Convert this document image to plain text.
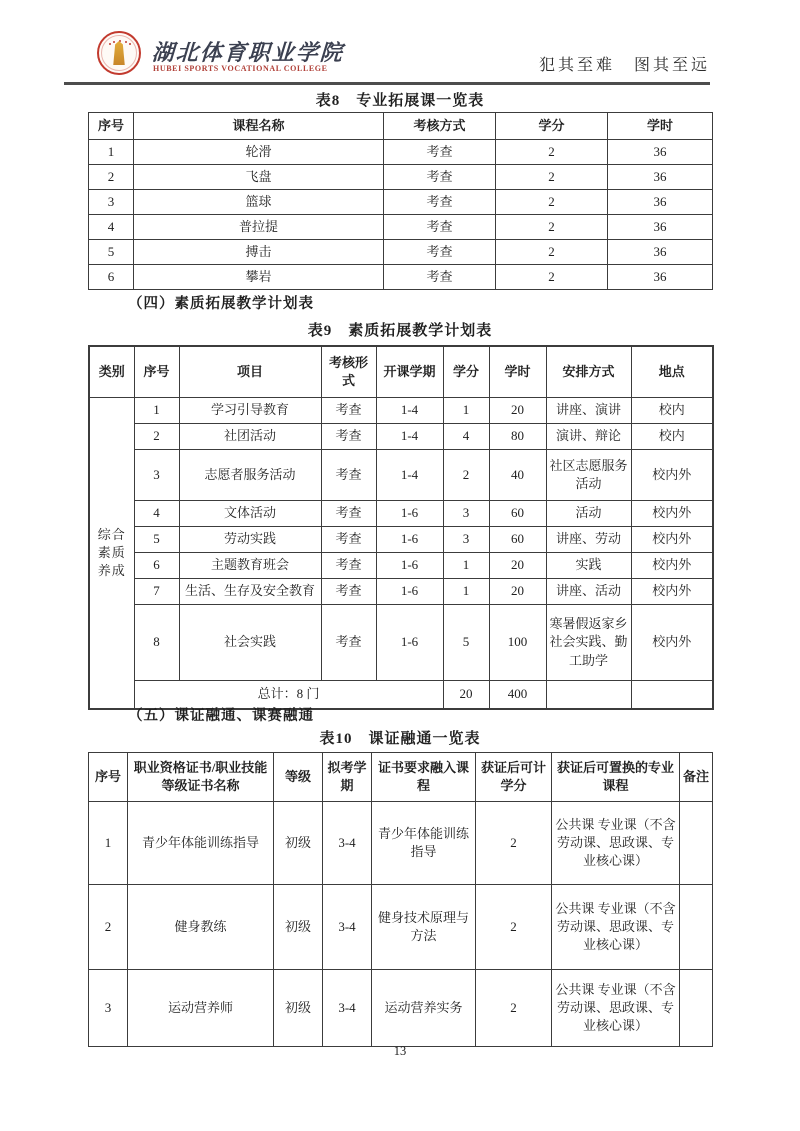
湖北体育职业学院
HUBEI SPORTS VOCATIONAL COLLEGE	犯其至难　图其至远
表8　专业拓展课一览表
序号	课程名称	考核方式	学分	学时
1	轮滑	考查	2	36
2	飞盘	考查	2	36
3	篮球	考查	2	36
4	普拉提	考查	2	36
5	搏击	考查	2	36
6	攀岩	考查	2	36
（四）素质拓展教学计划表
表9　素质拓展教学计划表
类别	序号	项目	考核形式	开课学期	学分	学时	安排方式	地点
综合素质养成	1	学习引导教育	考查	1-4	1	20	讲座、演讲	校内
	2	社团活动	考查	1-4	4	80	演讲、辩论	校内
	3	志愿者服务活动	考查	1-4	2	40	社区志愿服务活动	校内外
	4	文体活动	考查	1-6	3	60	活动	校内外
	5	劳动实践	考查	1-6	3	60	讲座、劳动	校内外
	6	主题教育班会	考查	1-6	1	20	实践	校内外
	7	生活、生存及安全教育	考查	1-6	1	20	讲座、活动	校内外
	8	社会实践	考查	1-6	5	100	寒暑假返家乡社会实践、勤工助学	校内外
	总计：8 门				20	400		
（五）课证融通、课赛融通
表10　课证融通一览表
序号	职业资格证书/职业技能等级证书名称	等级	拟考学期	证书要求融入课程	获证后可计学分	获证后可置换的专业课程	备注
1	青少年体能训练指导	初级	3-4	青少年体能训练指导	2	公共课 专业课（不含劳动课、思政课、专业核心课）	
2	健身教练	初级	3-4	健身技术原理与方法	2	公共课 专业课（不含劳动课、思政课、专业核心课）	
3	运动营养师	初级	3-4	运动营养实务	2	公共课 专业课（不含劳动课、思政课、专业核心课）	
13
